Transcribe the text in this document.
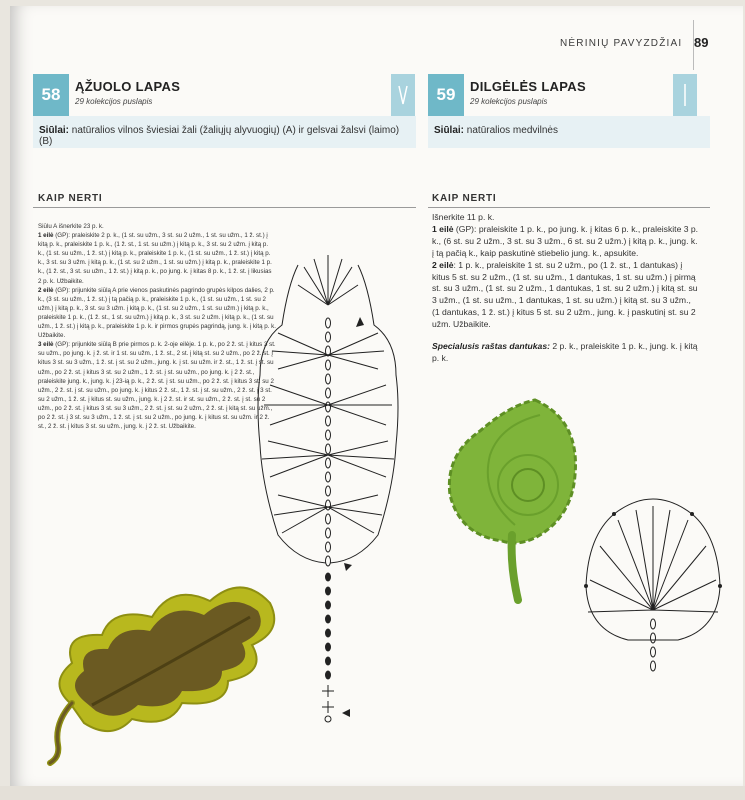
NĖRINIŲ PAVYZDŽIAI 89
58	ĄŽUOLO LAPAS
29 kolekcijos puslapis
Siūlai: natūralios vilnos šviesiai žali (žaliųjų alyvuogių) (A) ir gelsvai žalsvi (laimo) (B)
KAIP NERTI

Siūlu A išnerkite 23 p. k.

1 eilė (GP): praleiskite 2 p. k., (1 st. su užm., 3 st. su 2 užm., 1 st. su užm., 1 ž. st.) į kitą p. k., praleiskite 1 p. k., (1 ž. st., 1 st. su užm.) į kitą p. k., 3 st. su 2 užm. į kitą p. k., (1 st. su užm., 1 ž. st.) į kitą p. k., praleiskite 1 p. k., (1 st. su užm., 1 ž. st.) į kitą p. k., 3 st. su 3 užm. į kitą p. k., (1 st. su 2 užm., 1 st. su užm.) į kitą p. k., praleiskite 1 p. k., (1 ž. st., 3 st. su užm., 1 ž. st.) į kitą p. k., po jung. k. į kitas 8 p. k., 1 ž. st. į likusias 2 p. k. Užbaikite.

2 eilė (GP): prijunkite siūlą A prie vienos paskutinės pagrindo grupės kilpos dalies, 2 p. k., (3 st. su užm., 1 ž. st.) į tą pačią p. k., praleiskite 1 p. k., (1 st. su užm., 1 st. su 2 užm.) į kitą p. k., 3 st. su 3 užm. į kitą p. k., (1 st. su 2 užm., 1 st. su užm.) į kitą p. k., praleiskite 1 p. k., (1 ž. st., 1 st. su užm.) į kitą p. k., 3 st. su 2 užm. į kitą p. k., (1 st. su užm., 1 ž. st.) į kitą p. k., praleiskite 1 p. k. ir pirmos grupės pagrindą, jung. k. į kitą p. k. Užbaikite.

3 eilė (GP): prijunkite siūlą B prie pirmos p. k. 2-oje eilėje. 1 p. k., po 2 ž. st. į kitus 3 st. su užm., po jung. k. į ž. st. ir 1 st. su užm., 1 ž. st., 2 st. į kitą st. su 2 užm., po 2 ž. st. į kitus 3 st. su 3 užm., 1 ž. st. į st. su 2 užm., jung. k. į st. su užm. ir ž. st., 1 ž. st. į st. su užm., po 2 ž. st. į kitus 3 st. su 2 užm., 1 ž. st. į st. su užm., po jung. k. į 2 ž. st., praleiskite jung. k., jung. k. į 23-ią p. k., 2 ž. st. į st. su užm., po 2 ž. st. į kitus 3 st. su 2 užm., 2 ž. st. į st. su užm., po jung. k. į kitus 2 ž. st., 1 ž. st. į st. su užm., 2 ž. st. į 3 st. su 2 užm., 1 ž. st. į kitus st. su užm., jung. k. į 2 ž. st. ir st. su užm., 2 ž. st. į st. su 2 užm., po 2 ž. st. į kitus 3 st. su 3 užm., 2 ž. st. į st. su 2 užm., 2 ž. st. į kitą st. su užm., po 2 ž. st. į 3 st. su 3 užm., 1 ž. st. į st. su 2 užm., po jung. k. į kitus st. su užm. ir 2 ž. st., 2 ž. st. į kitus 3 st. su užm., jung. k. į 2 ž. st. Užbaikite.

59	DILGĖLĖS LAPAS
29 kolekcijos puslapis
Siūlai: natūralios medvilnės
KAIP NERTI

Išnerkite 11 p. k.

1 eilė (GP): praleiskite 1 p. k., po jung. k. į kitas 6 p. k., praleiskite 3 p. k., (6 st. su 2 užm., 3 st. su 3 užm., 6 st. su 2 užm.) į kitą p. k., jung. k. į tą pačią k., kaip paskutinė stiebelio jung. k., apsukite.

2 eilė: 1 p. k., praleiskite 1 st. su 2 užm., po (1 ž. st., 1 dantukas) į kitus 5 st. su 2 užm., (1 st. su užm., 1 dantukas, 1 st. su užm.) į pirmą st. su 3 užm., (1 st. su 2 užm., 1 dantukas, 1 st. su 2 užm.) į kitą st. su 3 užm., (1 st. su užm., 1 dantukas, 1 st. su užm.) į kitą st. su 3 užm., (1 dantukas, 1 ž. st.) į kitus 5 st. su 2 užm., jung. k. į paskutinį st. su 2 užm. Užbaikite.

Specialusis raštas dantukas: 2 p. k., praleiskite 1 p. k., jung. k. į kitą p. k.
